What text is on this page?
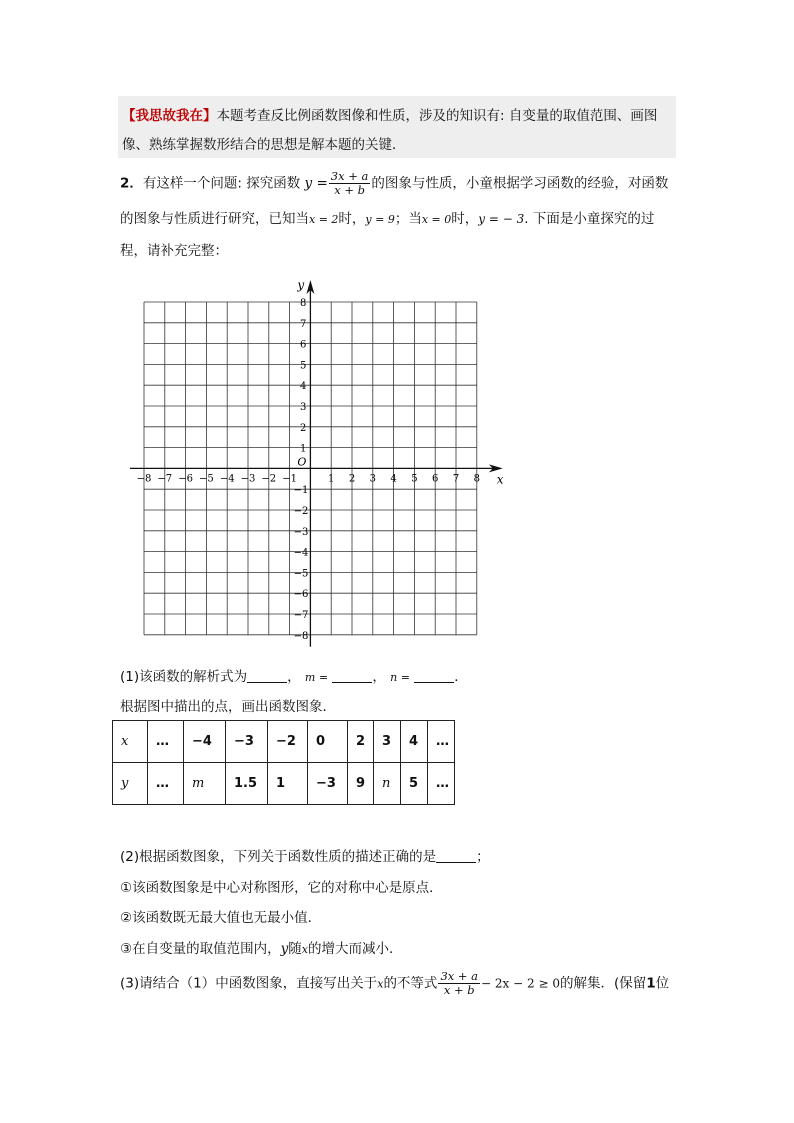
【我思故我在】本题考查反比例函数图像和性质，涉及的知识有: 自变量的取值范围、画图
像、熟练掌握数形结合的思想是解本题的关键．
2．有这样一个问题: 探究函数 $y = \frac{3x + a}{x + b}$ 的图象与性质，小童根据学习函数的经验，对函数
的图象与性质进行研究，已知当x = 2时，y = 9；当x = 0时，y = − 3. 下面是小童探究的过
程，请补充完整：
x
y
O
−8 −7 −6 −5 −4 −3 −2 −1	1 2 3 4 5 6 7 8
8
7
6
5
4
3
2
1
−1
−2
−3
−4
−5
−6
−7
−8
(1)该函数的解析式为	， m =	， n =	．
根据图中描出的点，画出函数图象．
x	…	−4	−3	−2	0	2	3	4	…
y	…	m	1.5	1	−3	9	n	5	…
(2)根据函数图象，下列关于函数性质的描述正确的是	；
①该函数图象是中心对称图形，它的对称中心是原点．
②该函数既无最大值也无最小值．
③在自变量的取值范围内，y随x的增大而减小．
(3)请结合（1）中函数图象，直接写出关于x的不等式 $\frac{3x + a}{x + b} - 2x - 2 \ge 0$的解集．(保留1位
